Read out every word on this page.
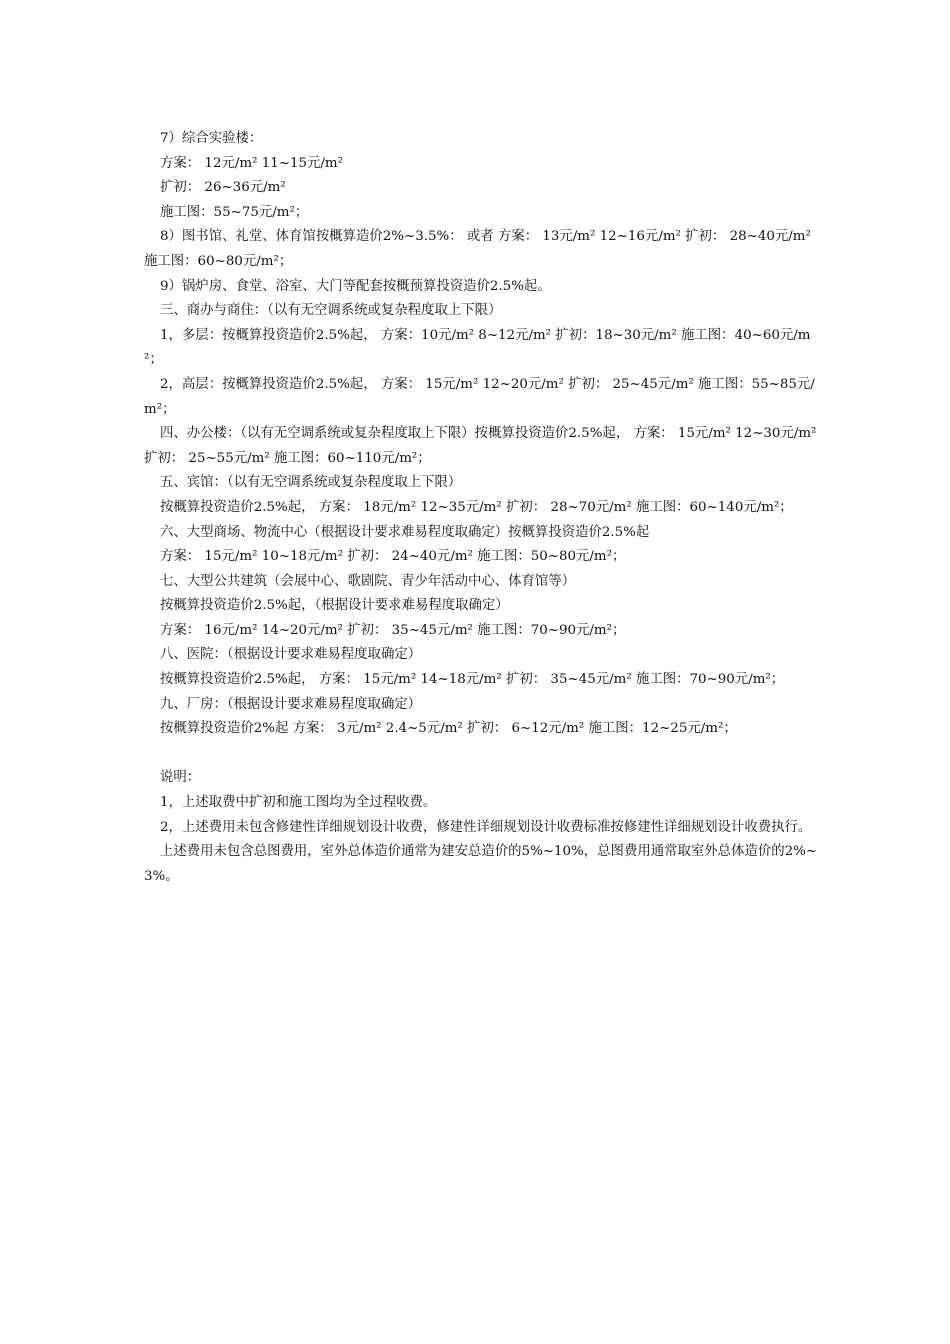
7）综合实验楼：

方案： 12元/m² 11~15元/m²

扩初： 26~36元/m²

施工图：55~75元/m²；

8）图书馆、礼堂、体育馆按概算造价2%~3.5%： 或者 方案： 13元/m² 12~16元/m² 扩初： 28~40元/m² 施工图：60~80元/m²；

9）锅炉房、食堂、浴室、大门等配套按概预算投资造价2.5%起。

三、商办与商住：（以有无空调系统或复杂程度取上下限）

1，多层：按概算投资造价2.5%起， 方案：10元/m² 8~12元/m² 扩初：18~30元/m² 施工图：40~60元/m²；

2，高层：按概算投资造价2.5%起， 方案： 15元/m² 12~20元/m² 扩初： 25~45元/m² 施工图：55~85元/m²；

四、办公楼：（以有无空调系统或复杂程度取上下限）按概算投资造价2.5%起， 方案： 15元/m² 12~30元/m² 扩初： 25~55元/m² 施工图：60~110元/m²；

五、宾馆：（以有无空调系统或复杂程度取上下限）

按概算投资造价2.5%起， 方案： 18元/m² 12~35元/m² 扩初： 28~70元/m² 施工图：60~140元/m²；

六、大型商场、物流中心（根据设计要求难易程度取确定）按概算投资造价2.5%起

方案： 15元/m² 10~18元/m² 扩初： 24~40元/m² 施工图：50~80元/m²；

七、大型公共建筑（会展中心、歌剧院、青少年活动中心、体育馆等）

按概算投资造价2.5%起，（根据设计要求难易程度取确定）

方案： 16元/m² 14~20元/m² 扩初： 35~45元/m² 施工图：70~90元/m²；

八、医院：（根据设计要求难易程度取确定）

按概算投资造价2.5%起， 方案： 15元/m² 14~18元/m² 扩初： 35~45元/m² 施工图：70~90元/m²；

九、厂房：（根据设计要求难易程度取确定）

按概算投资造价2%起 方案： 3元/m² 2.4~5元/m² 扩初： 6~12元/m² 施工图：12~25元/m²；

说明：

1，上述取费中扩初和施工图均为全过程收费。

2，上述费用未包含修建性详细规划设计收费，修建性详细规划设计收费标准按修建性详细规划设计收费执行。

上述费用未包含总图费用，室外总体造价通常为建安总造价的5%~10%，总图费用通常取室外总体造价的2%~3%。
